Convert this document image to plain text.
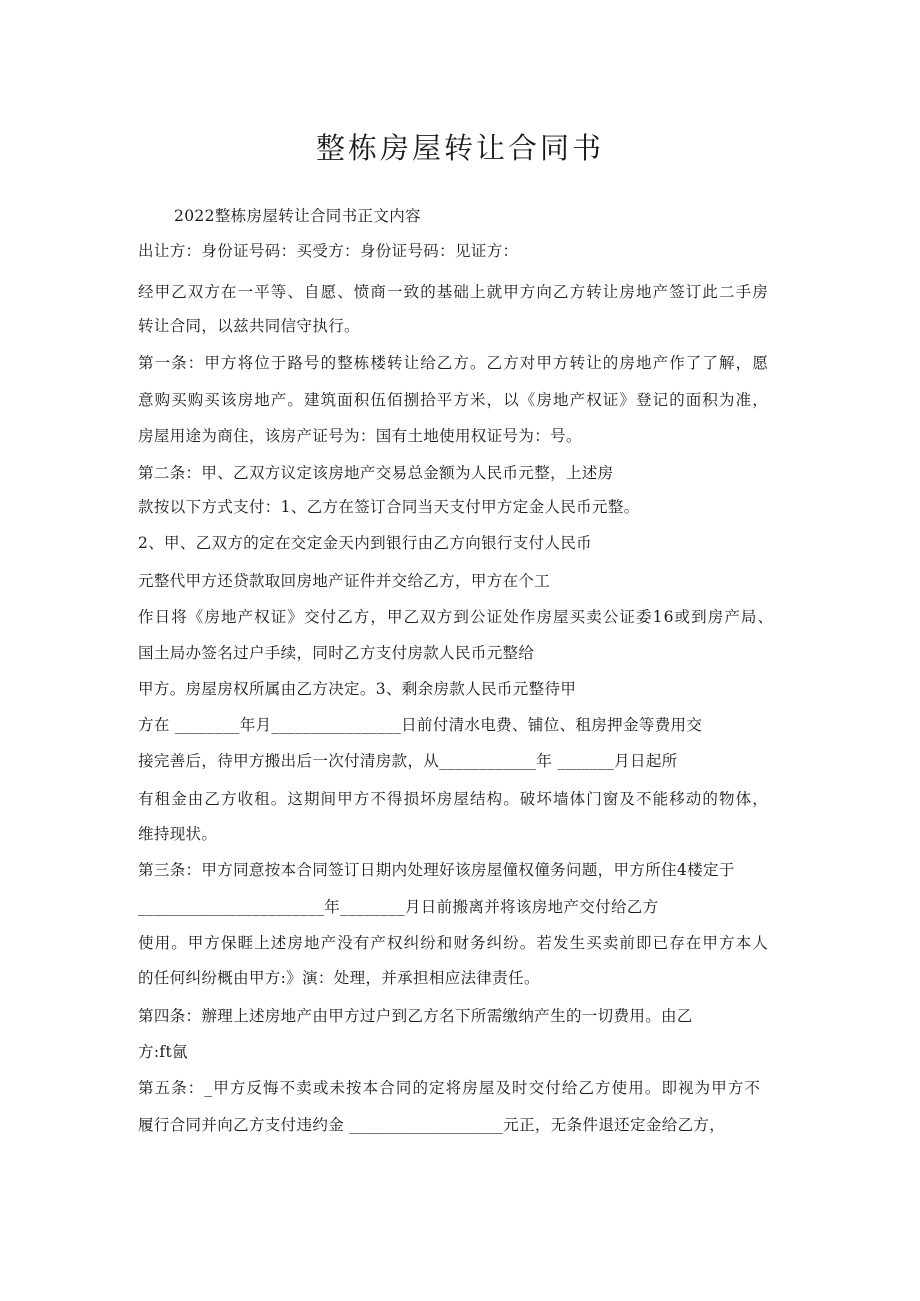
整栋房屋转让合同书

2022整栋房屋转让合同书正文内容

出让方：身份证号码：买受方：身份证号码：见证方：

经甲乙双方在一平等、自愿、愤商一致的基础上就甲方向乙方转让房地产签订此二手房

转让合同，以兹共同信守执行。

第一条：甲方将位于路号的整栋楼转让给乙方。乙方对甲方转让的房地产作了了解，愿

意购买购买该房地产。建筑面积伍佰捌拾平方米，以《房地产权证》登记的面积为准，

房屋用途为商住，该房产证号为：国有土地使用权证号为：号。

第二条：甲、乙双方议定该房地产交易总金额为人民币元整，上述房

款按以下方式支付：1、乙方在签订合同当天支付甲方定金人民币元整。

2、甲、乙双方的定在交定金天内到银行由乙方向银行支付人民币

元整代甲方还贷款取回房地产证件并交给乙方，甲方在个工

作日将《房地产权证》交付乙方，甲乙双方到公证处作房屋买卖公证委16或到房产局、

国土局办签名过户手续，同时乙方支付房款人民币元整给

甲方。房屋房权所属由乙方决定。3、剩余房款人民币元整待甲

方在 ________年月________________日前付清水电费、铺位、租房押金等费用交

接完善后，待甲方搬出后一次付清房款，从____________年 _______月日起所

有租金由乙方收租。这期间甲方不得损坏房屋结构。破坏墙体门窗及不能移动的物体，

维持现状。

第三条：甲方同意按本合同签订日期内处理好该房屋僮权僮务问题，甲方所住4楼定于

_______________________年________月日前搬离并将该房地产交付给乙方

使用。甲方保睚上述房地产没有产权纠纷和财务纠纷。若发生买卖前即已存在甲方本人

的任何纠纷概由甲方:》演：处理，并承担相应法律责任。

第四条：辦理上述房地产由甲方过户到乙方名下所需缴纳产生的一切费用。由乙

方:ft氤

第五条：_甲方反悔不卖或未按本合同的定将房屋及时交付给乙方使用。即视为甲方不

履行合同并向乙方支付违约金 ___________________元正，无条件退还定金给乙方，
